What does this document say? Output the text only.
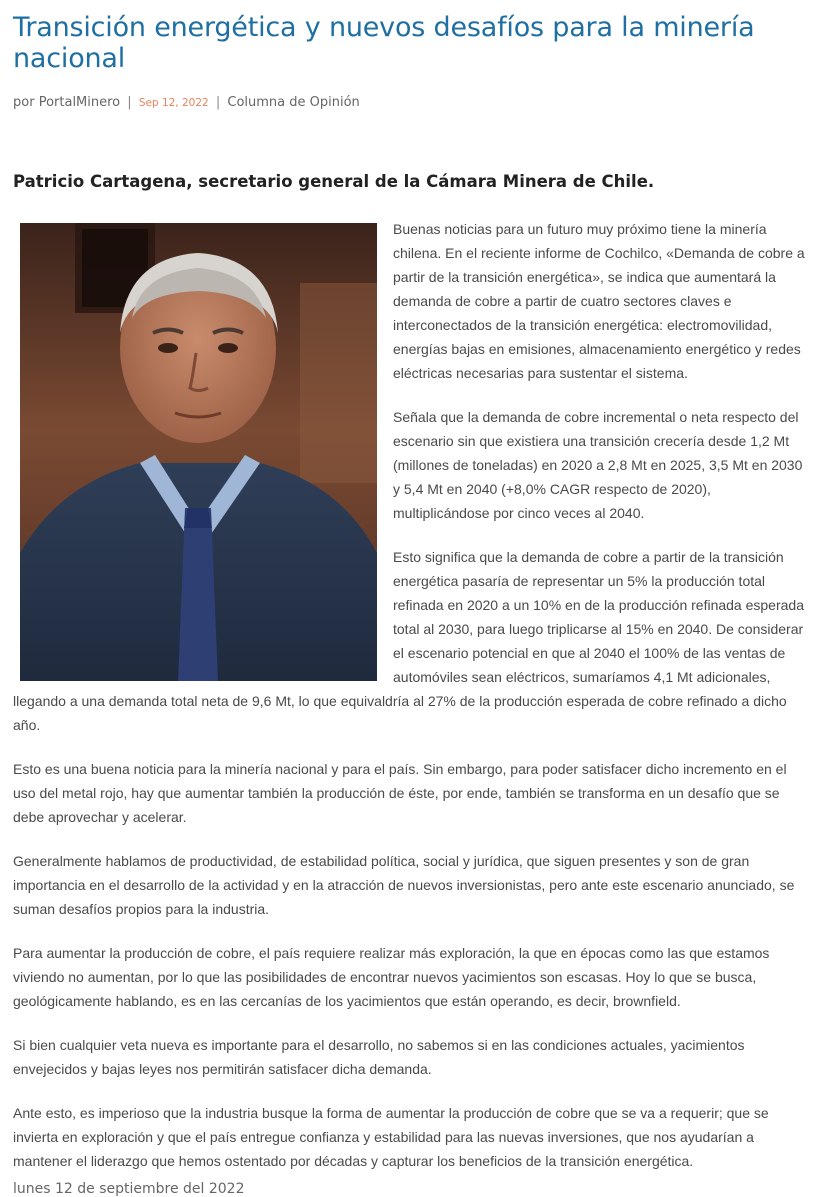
Transición energética y nuevos desafíos para la minería nacional
por PortalMinero | Sep 12, 2022 | Columna de Opinión
Patricio Cartagena, secretario general de la Cámara Minera de Chile.

Buenas noticias para un futuro muy próximo tiene la minería chilena. En el reciente informe de Cochilco, «Demanda de cobre a partir de la transición energética», se indica que aumentará la demanda de cobre a partir de cuatro sectores claves e interconectados de la transición energética: electromovilidad, energías bajas en emisiones, almacenamiento energético y redes eléctricas necesarias para sustentar el sistema.

Señala que la demanda de cobre incremental o neta respecto del escenario sin que existiera una transición crecería desde 1,2 Mt (millones de toneladas) en 2020 a 2,8 Mt en 2025, 3,5 Mt en 2030 y 5,4 Mt en 2040 (+8,0% CAGR respecto de 2020), multiplicándose por cinco veces al 2040.

Esto significa que la demanda de cobre a partir de la transición energética pasaría de representar un 5% la producción total refinada en 2020 a un 10% en de la producción refinada esperada total al 2030, para luego triplicarse al 15% en 2040. De considerar el escenario potencial en que al 2040 el 100% de las ventas de automóviles sean eléctricos, sumaríamos 4,1 Mt adicionales, llegando a una demanda total neta de 9,6 Mt, lo que equivaldría al 27% de la producción esperada de cobre refinado a dicho año.

Esto es una buena noticia para la minería nacional y para el país. Sin embargo, para poder satisfacer dicho incremento en el uso del metal rojo, hay que aumentar también la producción de éste, por ende, también se transforma en un desafío que se debe aprovechar y acelerar.

Generalmente hablamos de productividad, de estabilidad política, social y jurídica, que siguen presentes y son de gran importancia en el desarrollo de la actividad y en la atracción de nuevos inversionistas, pero ante este escenario anunciado, se suman desafíos propios para la industria.

Para aumentar la producción de cobre, el país requiere realizar más exploración, la que en épocas como las que estamos viviendo no aumentan, por lo que las posibilidades de encontrar nuevos yacimientos son escasas. Hoy lo que se busca, geológicamente hablando, es en las cercanías de los yacimientos que están operando, es decir, brownfield.

Si bien cualquier veta nueva es importante para el desarrollo, no sabemos si en las condiciones actuales, yacimientos envejecidos y bajas leyes nos permitirán satisfacer dicha demanda.

Ante esto, es imperioso que la industria busque la forma de aumentar la producción de cobre que se va a requerir; que se invierta en exploración y que el país entregue confianza y estabilidad para las nuevas inversiones, que nos ayudarían a mantener el liderazgo que hemos ostentado por décadas y capturar los beneficios de la transición energética.

lunes 12 de septiembre del 2022
